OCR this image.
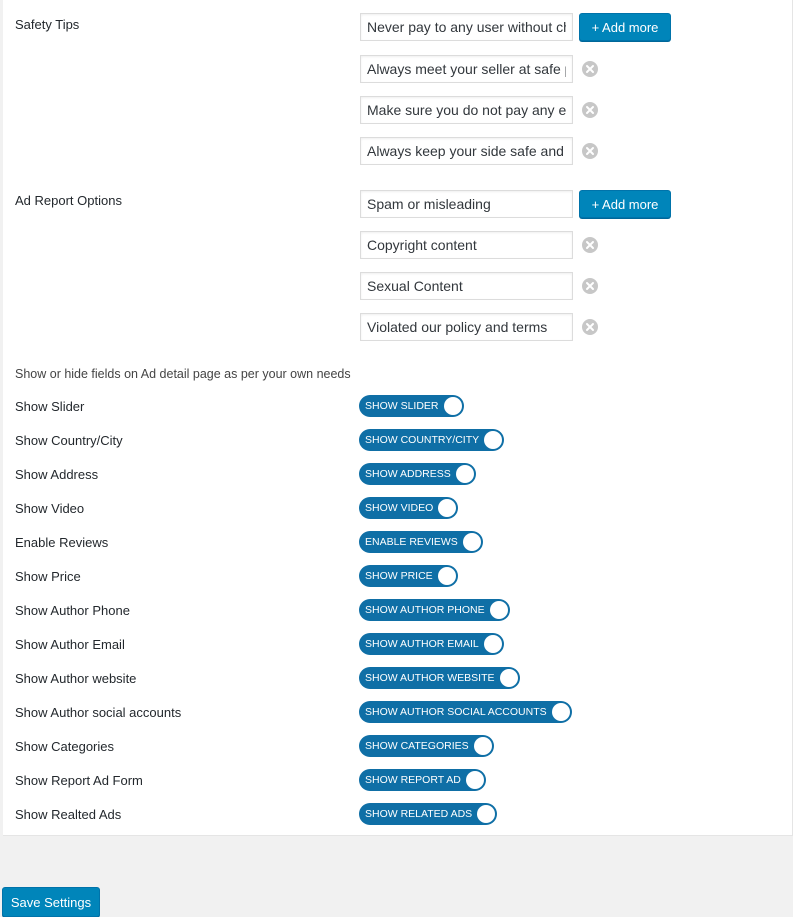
Safety Tips
Never pay to any user without ch	+ Add more
Always meet your seller at safe p
Make sure you do not pay any ex
Always keep your side safe and v
Ad Report Options
Spam or misleading	+ Add more
Copyright content
Sexual Content
Violated our policy and terms
Show or hide fields on Ad detail page as per your own needs
Show Slider	SHOW SLIDER
Show Country/City	SHOW COUNTRY/CITY
Show Address	SHOW ADDRESS
Show Video	SHOW VIDEO
Enable Reviews	ENABLE REVIEWS
Show Price	SHOW PRICE
Show Author Phone	SHOW AUTHOR PHONE
Show Author Email	SHOW AUTHOR EMAIL
Show Author website	SHOW AUTHOR WEBSITE
Show Author social accounts	SHOW AUTHOR SOCIAL ACCOUNTS
Show Categories	SHOW CATEGORIES
Show Report Ad Form	SHOW REPORT AD
Show Realted Ads	SHOW RELATED ADS
Save Settings
